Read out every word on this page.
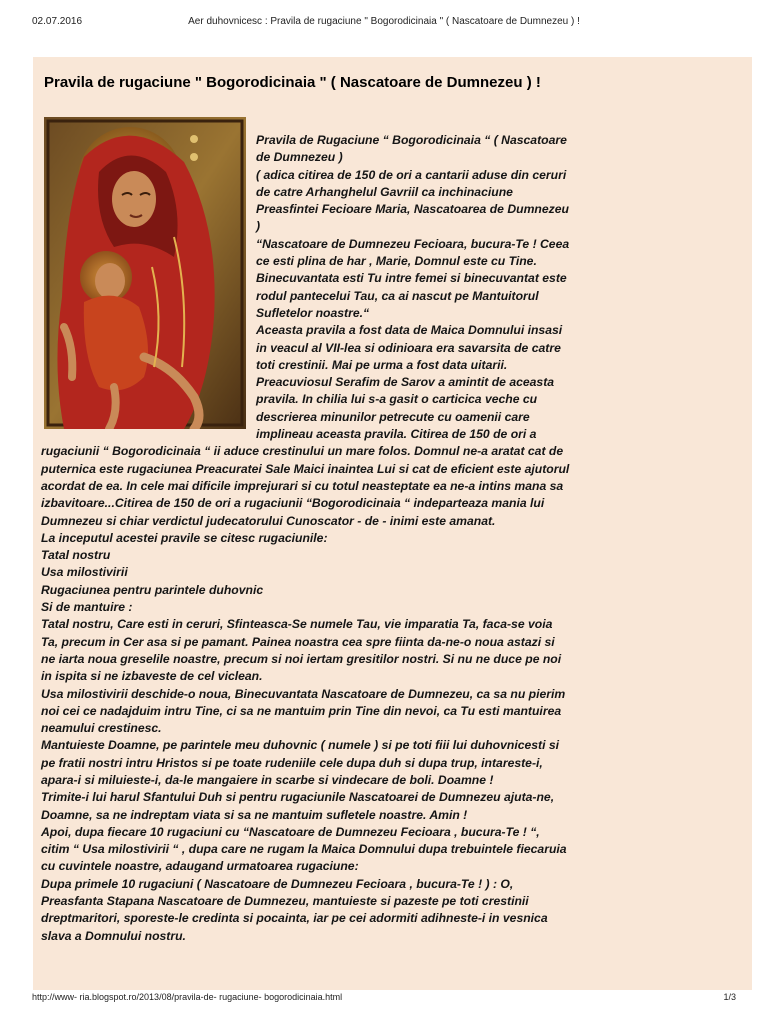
02.07.2016	Aer duhovnicesc : Pravila de rugaciune " Bogorodicinaia " ( Nascatoare de Dumnezeu ) !
Pravila de rugaciune " Bogorodicinaia " ( Nascatoare de Dumnezeu ) !

Pravila de Rugaciune “ Bogorodicinaia “ ( Nascatoare de Dumnezeu )

( adica citirea de 150 de ori a cantarii aduse din ceruri de catre Arhanghelul Gavriil ca inchinaciune Preasfintei Fecioare Maria, Nascatoarea de Dumnezeu )

“Nascatoare de Dumnezeu Fecioara, bucura-Te ! Ceea ce esti plina de har , Marie, Domnul este cu Tine. Binecuvantata esti Tu intre femei si binecuvantat este rodul pantecelui Tau, ca ai nascut pe Mantuitorul Sufletelor noastre.“

Aceasta pravila a fost data de Maica Domnului insasi in veacul al VII-lea si odinioara era savarsita de catre toti crestinii. Mai pe urma a fost data uitarii. Preacuviosul Serafim de Sarov a amintit de aceasta pravila. In chilia lui s-a gasit o carticica veche cu descrierea minunilor petrecute cu oamenii care implineau aceasta pravila. Citirea de 150 de ori a rugaciunii “ Bogorodicinaia “ ii aduce crestinului un mare folos. Domnul ne-a aratat cat de puternica este rugaciunea Preacuratei Sale Maici inaintea Lui si cat de eficient este ajutorul acordat de ea. In cele mai dificile imprejurari si cu totul neasteptate ea ne-a intins mana sa izbavitoare...Citirea de 150 de ori a rugaciunii “Bogorodicinaia “ indeparteaza mania lui Dumnezeu si chiar verdictul judecatorului Cunoscator - de - inimi este amanat.

La inceputul acestei pravile se citesc rugaciunile:

Tatal nostru

Usa milostivirii

Rugaciunea pentru parintele duhovnic

Si de mantuire :

Tatal nostru, Care esti in ceruri, Sfinteasca-Se numele Tau, vie imparatia Ta, faca-se voia Ta, precum in Cer asa si pe pamant. Painea noastra cea spre fiinta da-ne-o noua astazi si ne iarta noua greselile noastre, precum si noi iertam gresitilor nostri. Si nu ne duce pe noi in ispita si ne izbaveste de cel viclean.

Usa milostivirii deschide-o noua, Binecuvantata Nascatoare de Dumnezeu, ca sa nu pierim noi cei ce nadajduim intru Tine, ci sa ne mantuim prin Tine din nevoi, ca Tu esti mantuirea neamului crestinesc.

Mantuieste Doamne, pe parintele meu duhovnic ( numele ) si pe toti fiii lui duhovnicesti si pe fratii nostri intru Hristos si pe toate rudeniile cele dupa duh si dupa trup, intareste-i, apara-i si miluieste-i, da-le mangaiere in scarbe si vindecare de boli. Doamne !

Trimite-i lui harul Sfantului Duh si pentru rugaciunile Nascatoarei de Dumnezeu ajuta-ne, Doamne, sa ne indreptam viata si sa ne mantuim sufletele noastre. Amin !

Apoi, dupa fiecare 10 rugaciuni cu “Nascatoare de Dumnezeu Fecioara , bucura-Te ! “, citim “ Usa milostivirii “ , dupa care ne rugam la Maica Domnului dupa trebuintele fiecaruia cu cuvintele noastre, adaugand urmatoarea rugaciune:

Dupa primele 10 rugaciuni ( Nascatoare de Dumnezeu Fecioara , bucura-Te ! ) : O, Preasfanta Stapana Nascatoare de Dumnezeu, mantuieste si pazeste pe toti crestinii dreptmaritori, sporeste-le credinta si pocainta, iar pe cei adormiti adihneste-i in vesnica slava a Domnului nostru.

http://www- ria.blogspot.ro/2013/08/pravila-de- rugaciune- bogorodicinaia.html	1/3
